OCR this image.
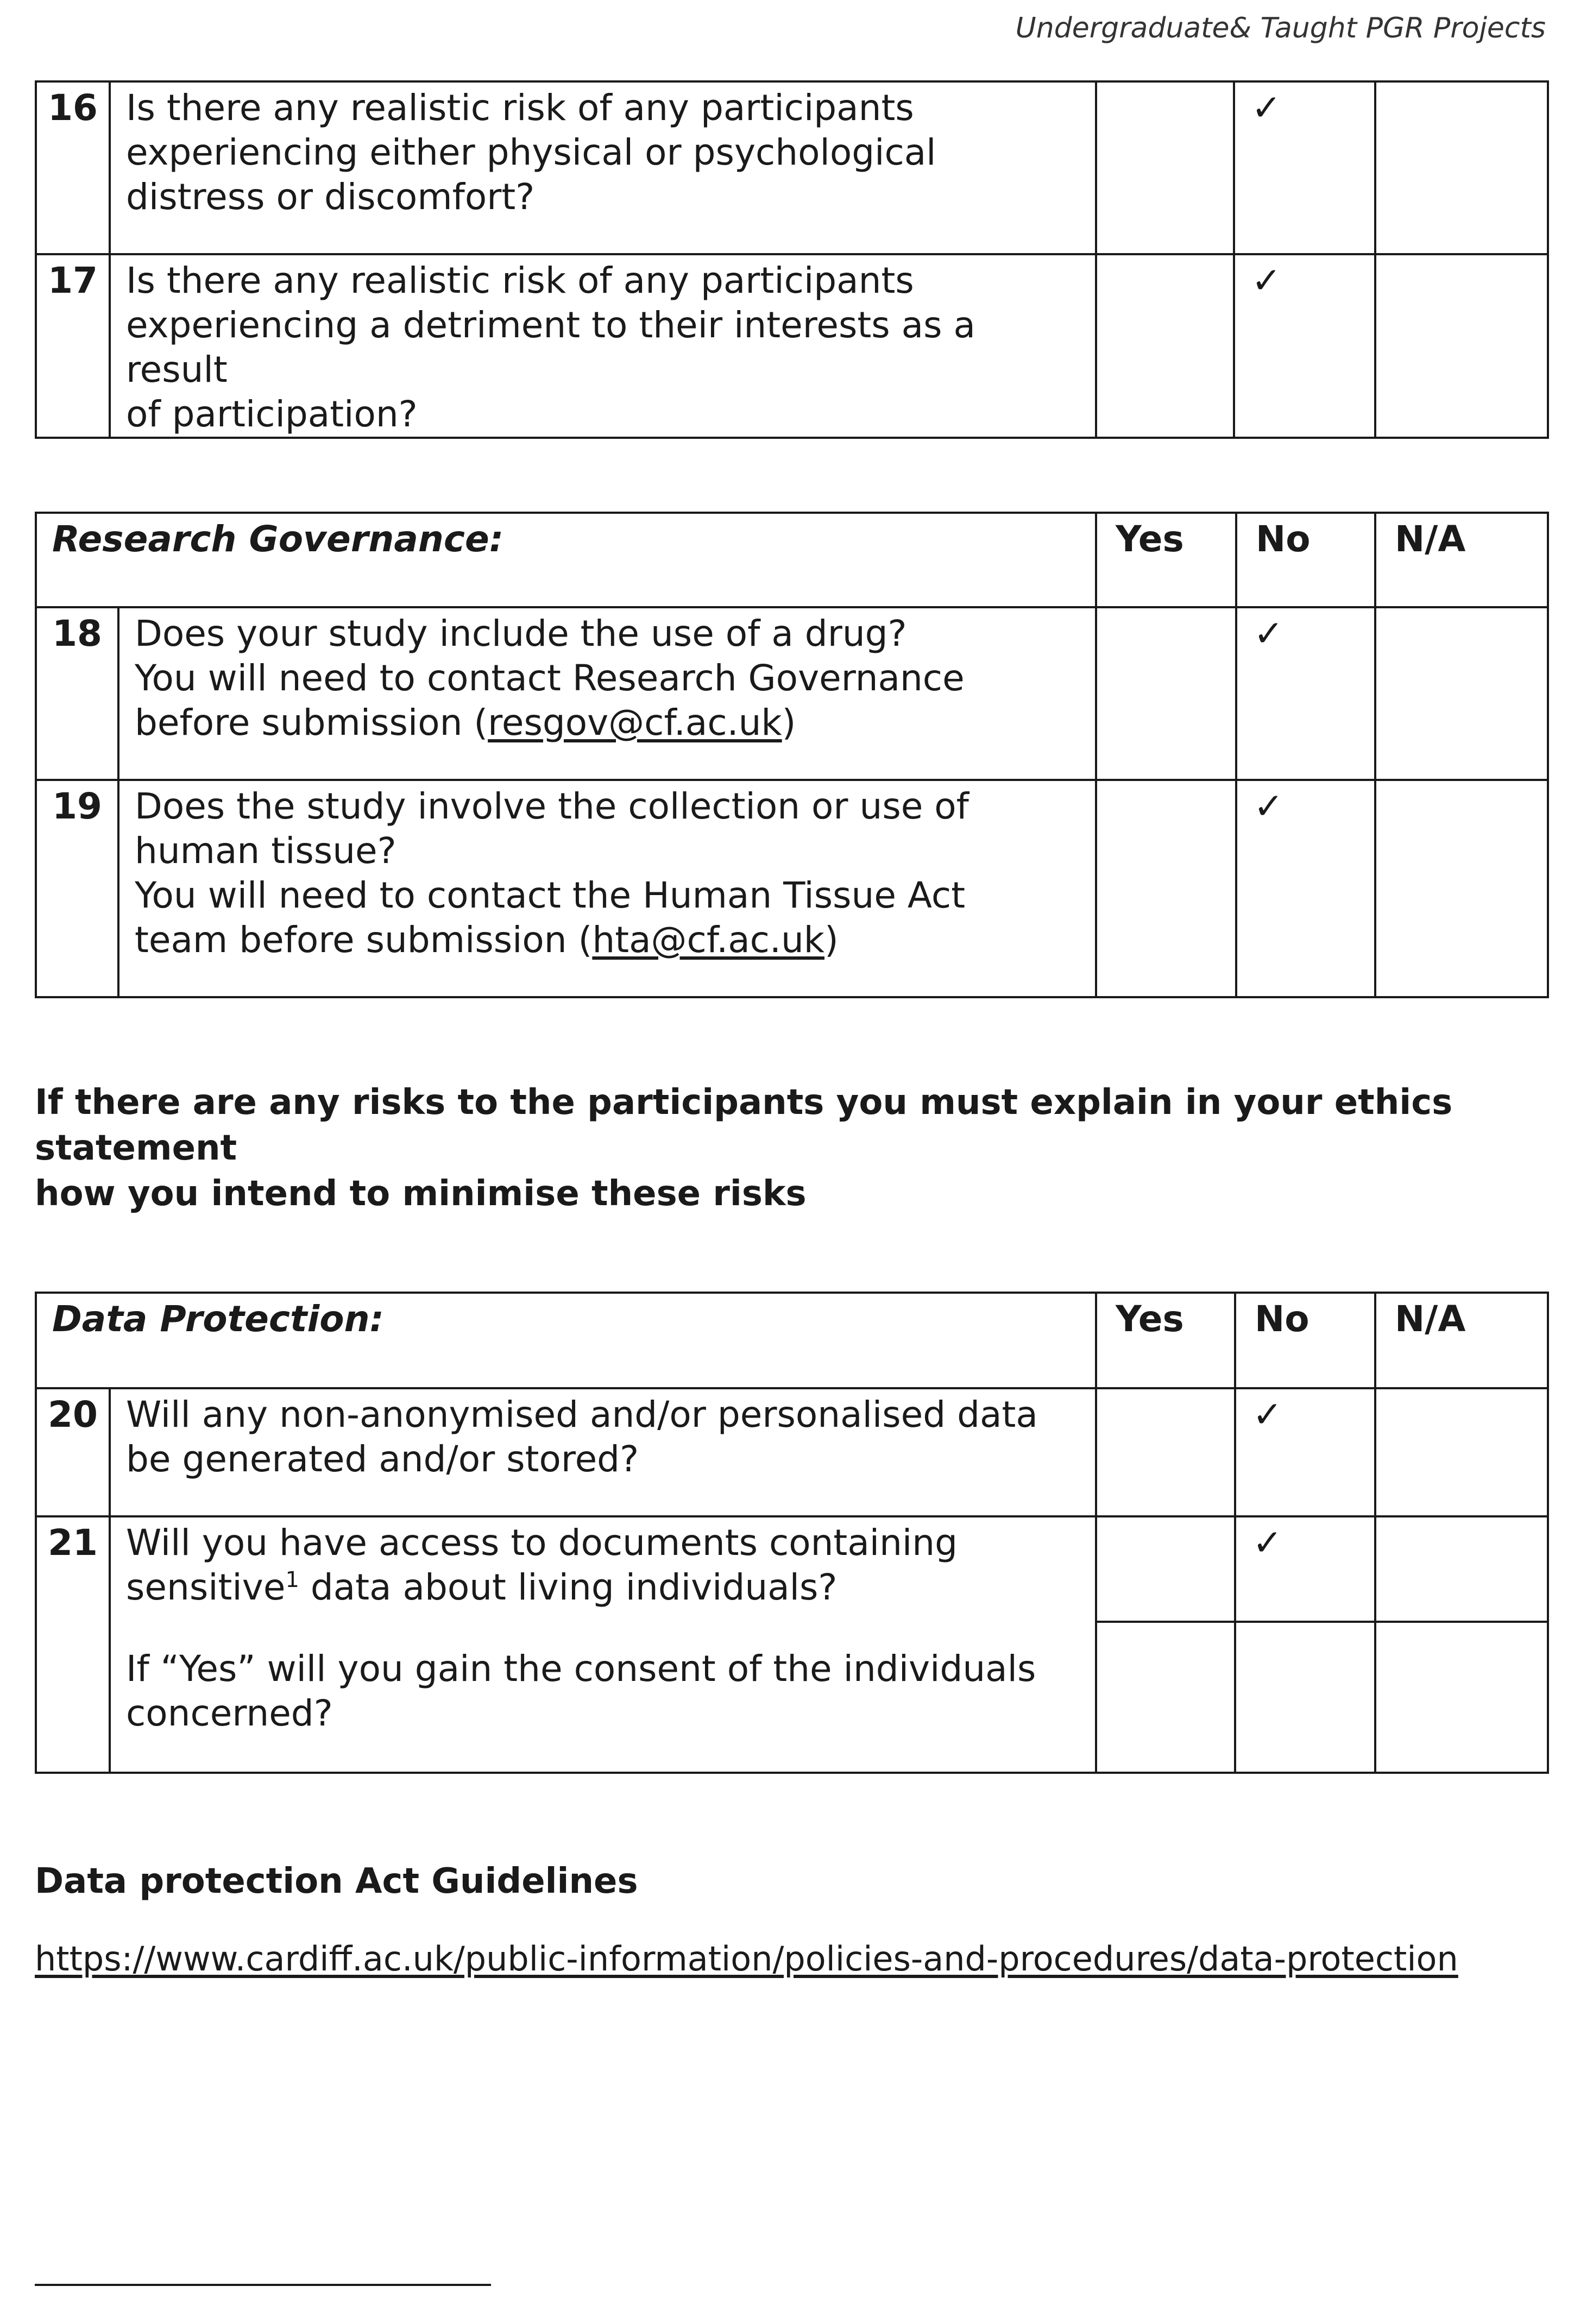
Undergraduate& Taught PGR Projects
16	Is there any realistic risk of any participants
experiencing either physical or psychological
distress or discomfort?		✓	
17	Is there any realistic risk of any participants
experiencing a detriment to their interests as a result
of participation?		✓	
Research Governance:		Yes	No	N/A
18	Does your study include the use of a drug?
You will need to contact Research Governance
before submission (resgov@cf.ac.uk)		✓	
19	Does the study involve the collection or use of
human tissue?
You will need to contact the Human Tissue Act
team before submission (hta@cf.ac.uk)		✓	
If there are any risks to the participants you must explain in your ethics statement
how you intend to minimise these risks
Data Protection:		Yes	No	N/A
20	Will any non-anonymised and/or personalised data
be generated and/or stored?		✓	
21	Will you have access to documents containing
sensitive$^1$ data about living individuals?
If “Yes” will you gain the consent of the individuals
concerned?		✓	

Data protection Act Guidelines
https://www.cardiff.ac.uk/public-information/policies-and-procedures/data-protection
